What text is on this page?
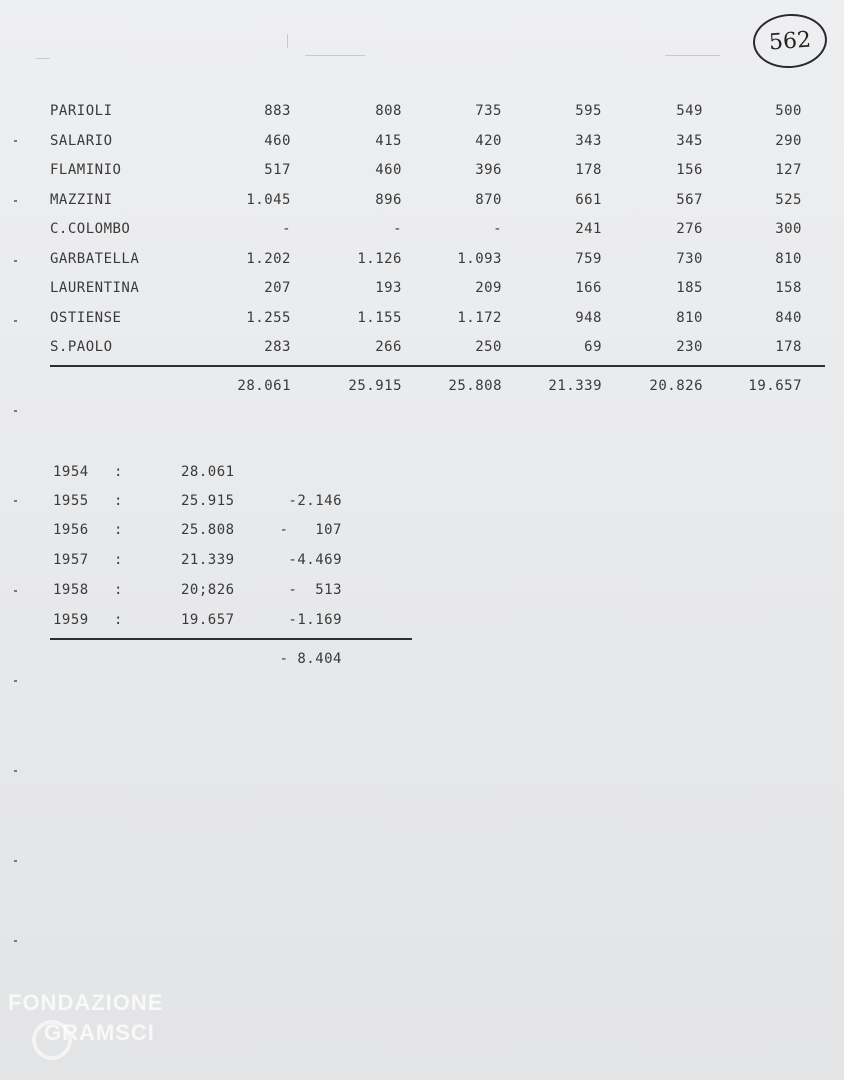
562
PARIOLI	883	808	735	595	549	500
SALARIO	460	415	420	343	345	290
FLAMINIO	517	460	396	178	156	127
MAZZINI	1.045	896	870	661	567	525
C.COLOMBO	-	-	-	241	276	300
GARBATELLA	1.202	1.126	1.093	759	730	810
LAURENTINA	207	193	209	166	185	158
OSTIENSE	1.255	1.155	1.172	948	810	840
S.PAOLO	283	266	250	69	230	178
28.061	25.915	25.808	21.339	20.826	19.657
1954 :	28.061
1955 :	25.915	-2.146
1956 :	25.808	-   107
1957 :	21.339	-4.469
1958 :	20;826	-  513
1959 :	19.657	-1.169
- 8.404
FONDAZIONE
GRAMSCI
